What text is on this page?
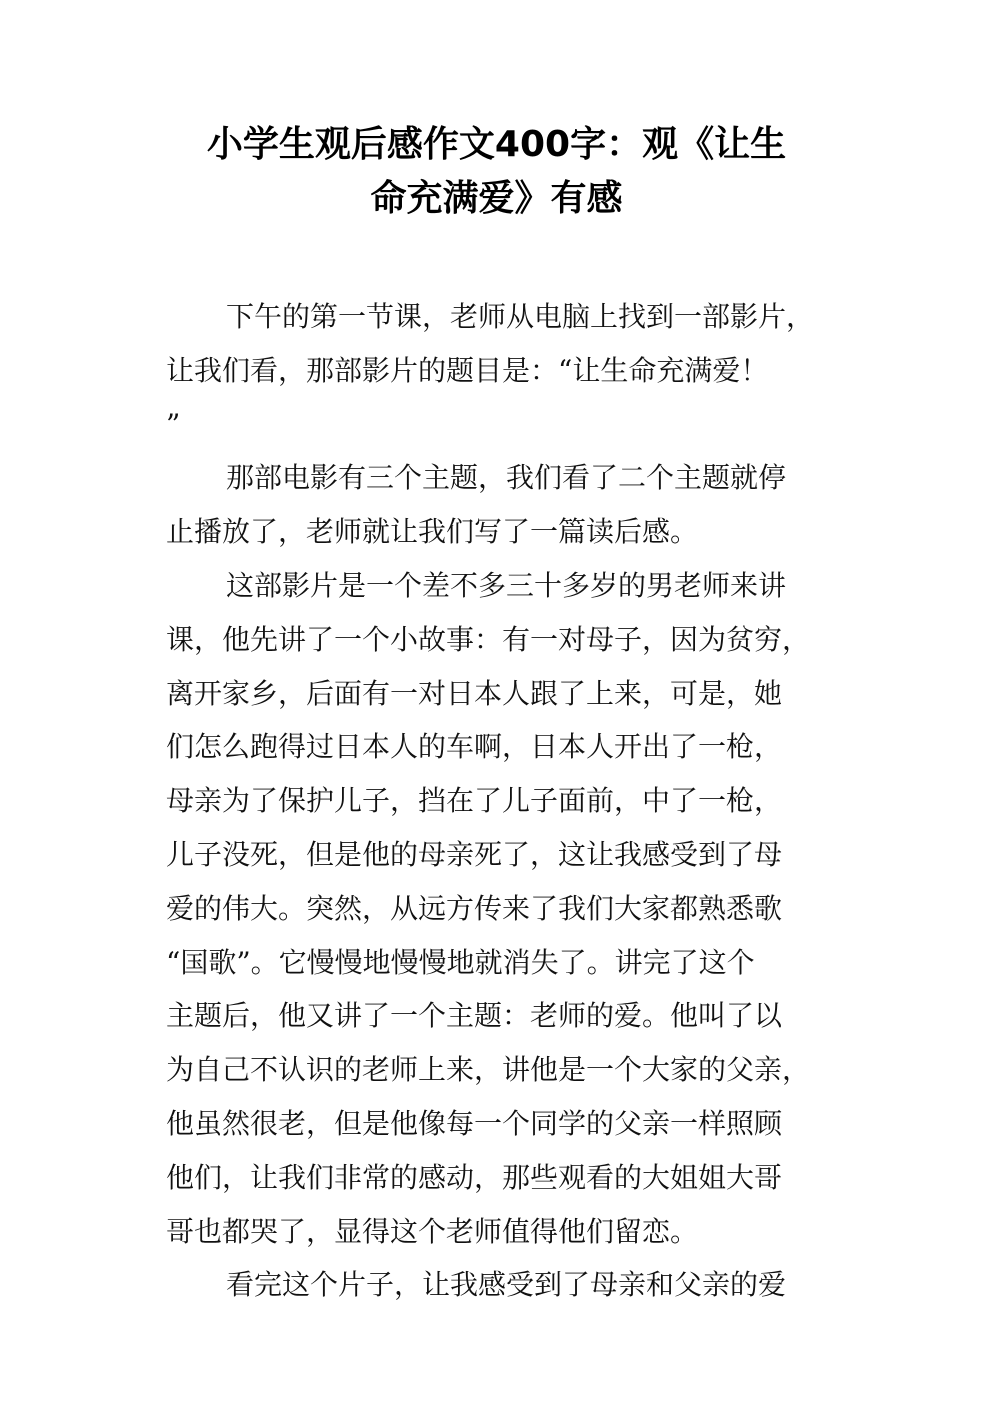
小学生观后感作文400字：观《让生
命充满爱》有感
下午的第一节课，老师从电脑上找到一部影片，
让我们看，那部影片的题目是：“让生命充满爱！
”
那部电影有三个主题，我们看了二个主题就停
止播放了，老师就让我们写了一篇读后感。
这部影片是一个差不多三十多岁的男老师来讲
课，他先讲了一个小故事：有一对母子，因为贫穷，
离开家乡，后面有一对日本人跟了上来，可是，她
们怎么跑得过日本人的车啊，日本人开出了一枪，
母亲为了保护儿子，挡在了儿子面前，中了一枪，
儿子没死，但是他的母亲死了，这让我感受到了母
爱的伟大。突然，从远方传来了我们大家都熟悉歌
“国歌”。它慢慢地慢慢地就消失了。讲完了这个
主题后，他又讲了一个主题：老师的爱。他叫了以
为自己不认识的老师上来，讲他是一个大家的父亲，
他虽然很老，但是他像每一个同学的父亲一样照顾
他们，让我们非常的感动，那些观看的大姐姐大哥
哥也都哭了，显得这个老师值得他们留恋。
看完这个片子，让我感受到了母亲和父亲的爱
